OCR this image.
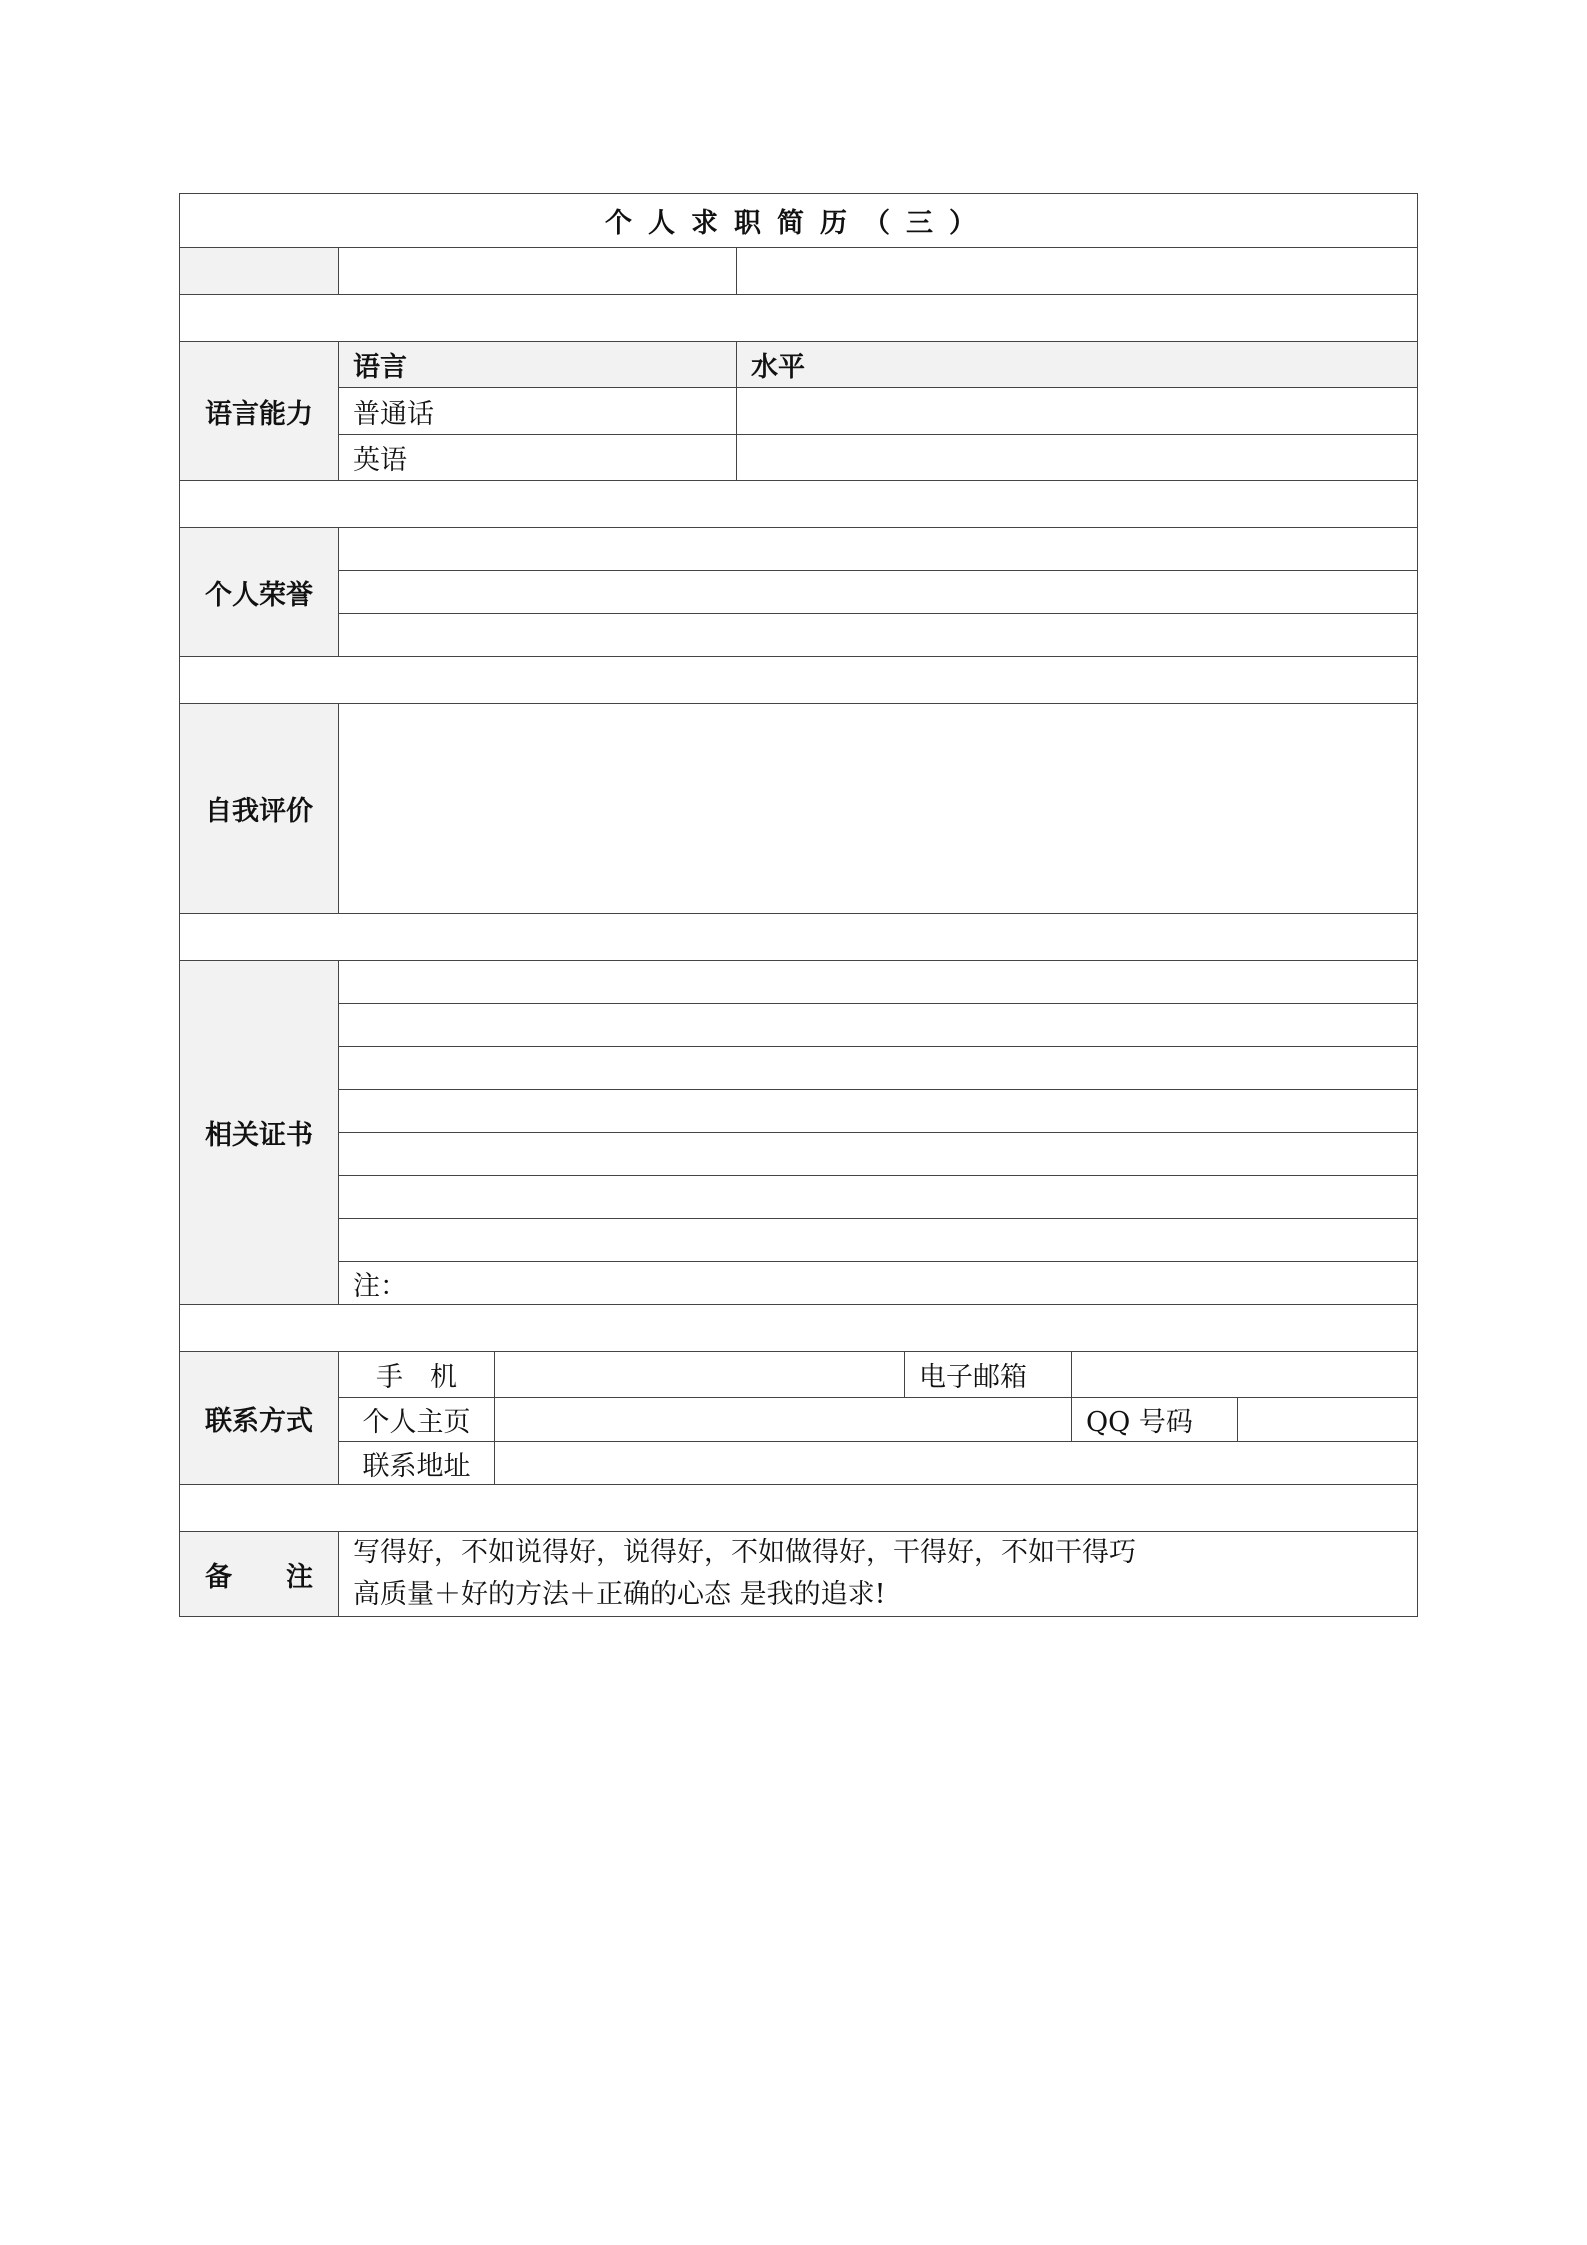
个人求职简历（三）					

语言能力	语言		水平		
	普通话				
	英语				

个人荣誉					

自我评价					

相关证书					

	注：				

联系方式	手　机			电子邮箱	
	个人主页				QQ 号码

	联系地址				

备　　注	写得好，不如说得好，说得好，不如做得好，干得好，不如干得巧
高质量＋好的方法＋正确的心态 是我的追求!				
